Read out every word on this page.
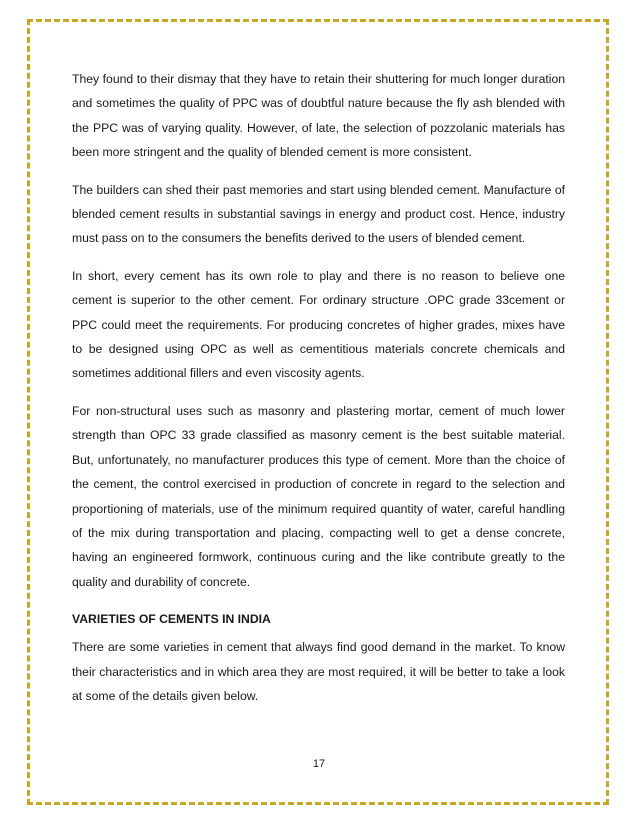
They found to their dismay that they have to retain their shuttering for much longer duration and sometimes the quality of PPC was of doubtful nature because the fly ash blended with the PPC was of varying quality. However, of late, the selection of pozzolanic materials has been more stringent and the quality of blended cement is more consistent.

The builders can shed their past memories and start using blended cement. Manufacture of blended cement results in substantial savings in energy and product cost. Hence, industry must pass on to the consumers the benefits derived to the users of blended cement.

In short, every cement has its own role to play and there is no reason to believe one cement is superior to the other cement. For ordinary structure .OPC grade 33cement or PPC could meet the requirements. For producing concretes of higher grades, mixes have to be designed using OPC as well as cementitious materials concrete chemicals and sometimes additional fillers and even viscosity agents.

For non-structural uses such as masonry and plastering mortar, cement of much lower strength than OPC 33 grade classified as masonry cement is the best suitable material. But, unfortunately, no manufacturer produces this type of cement. More than the choice of the cement, the control exercised in production of concrete in regard to the selection and proportioning of materials, use of the minimum required quantity of water, careful handling of the mix during transportation and placing, compacting well to get a dense concrete, having an engineered formwork, continuous curing and the like contribute greatly to the quality and durability of concrete.

VARIETIES OF CEMENTS IN INDIA

There are some varieties in cement that always find good demand in the market. To know their characteristics and in which area they are most required, it will be better to take a look at some of the details given below.

17
